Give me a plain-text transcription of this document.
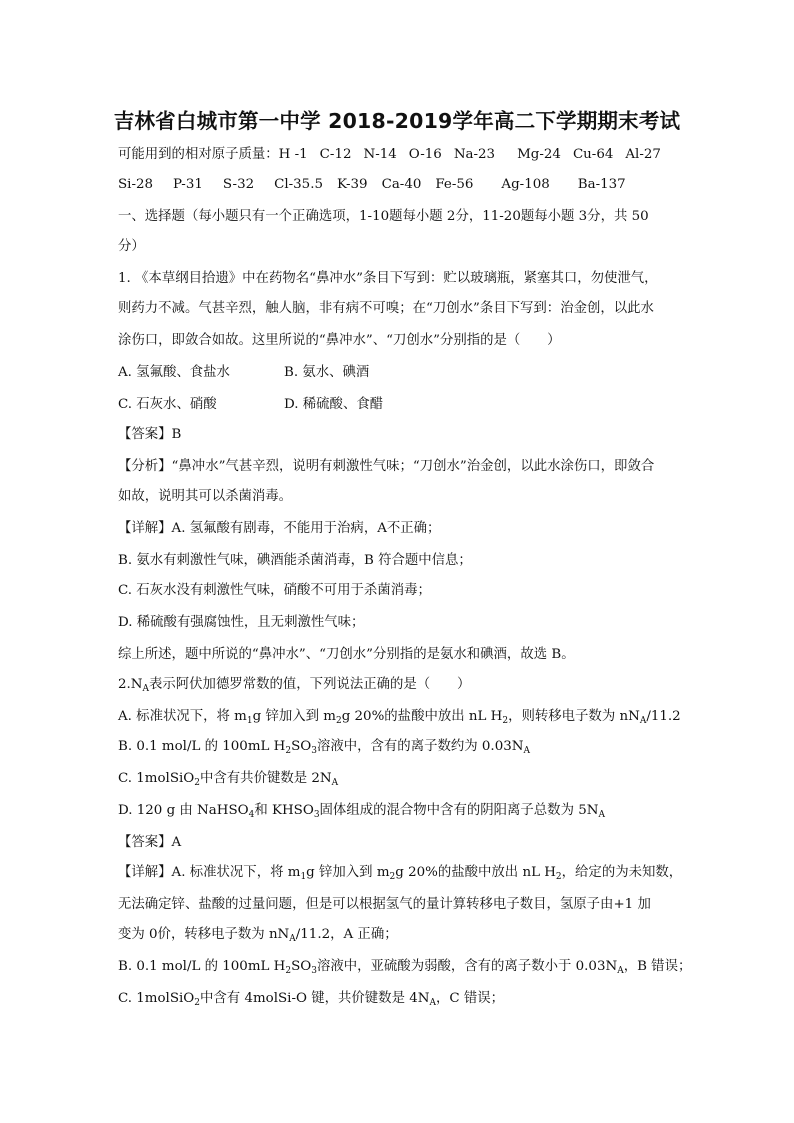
吉林省白城市第一中学 2018-2019学年高二下学期期末考试
可能用到的相对原子质量：H -1 C-12 N-14 O-16 Na-23 Mg-24 Cu-64 Al-27
Si-28 P-31 S-32 Cl-35.5 K-39 Ca-40 Fe-56 Ag-108 Ba-137
一、选择题（每小题只有一个正确选项，1-10题每小题 2分，11-20题每小题 3分，共 50
分）
1. 《本草纲目拾遗》中在药物名“鼻冲水”条目下写到：贮以玻璃瓶，紧塞其口，勿使泄气，
则药力不减。气甚辛烈，触人脑，非有病不可嗅；在“刀创水”条目下写到：治金创，以此水
涂伤口，即敛合如故。这里所说的“鼻冲水”、“刀创水”分别指的是（　　）
A. 氢氟酸、食盐水	B. 氨水、碘酒
C. 石灰水、硝酸	D. 稀硫酸、食醋
【答案】B
【分析】“鼻冲水”气甚辛烈，说明有刺激性气味；“刀创水”治金创，以此水涂伤口，即敛合
如故，说明其可以杀菌消毒。
【详解】A. 氢氟酸有剧毒，不能用于治病，A不正确；
B. 氨水有刺激性气味，碘酒能杀菌消毒，B 符合题中信息；
C. 石灰水没有刺激性气味，硝酸不可用于杀菌消毒；
D. 稀硫酸有强腐蚀性，且无刺激性气味；
综上所述，题中所说的“鼻冲水”、“刀创水”分别指的是氨水和碘酒，故选 B。
$2.N_A$表示阿伏加德罗常数的值，下列说法正确的是（　　）
A. 标准状况下，将 $m_1g$ 锌加入到 $m_2g$ 20%的盐酸中放出 nL $H_2$，则转移电子数为 $nN_A/11.2$
B. 0.1 mol/L 的 100mL $H_2SO_3$溶液中，含有的离子数约为 $0.03N_A$
C. 1molSiO$_2$中含有共价键数是 $2N_A$
D. 120 g 由 NaHSO$_4$和 $KHSO_3$固体组成的混合物中含有的阴阳离子总数为 $5N_A$
【答案】A
【详解】A. 标准状况下，将 $m_1g$ 锌加入到 $m_2g$ 20%的盐酸中放出 nL $H_2$，给定的为未知数，
无法确定锌、盐酸的过量问题，但是可以根据氢气的量计算转移电子数目，氢原子由+1 加
变为 0价，转移电子数为 $nN_A/11.2$，A 正确；
B. 0.1 mol/L 的 100mL $H_2SO_3$溶液中，亚硫酸为弱酸，含有的离子数小于 $0.03N_A$，B 错误；
C. 1molSiO$_2$中含有 4molSi-O 键，共价键数是 $4N_A$，C 错误；
